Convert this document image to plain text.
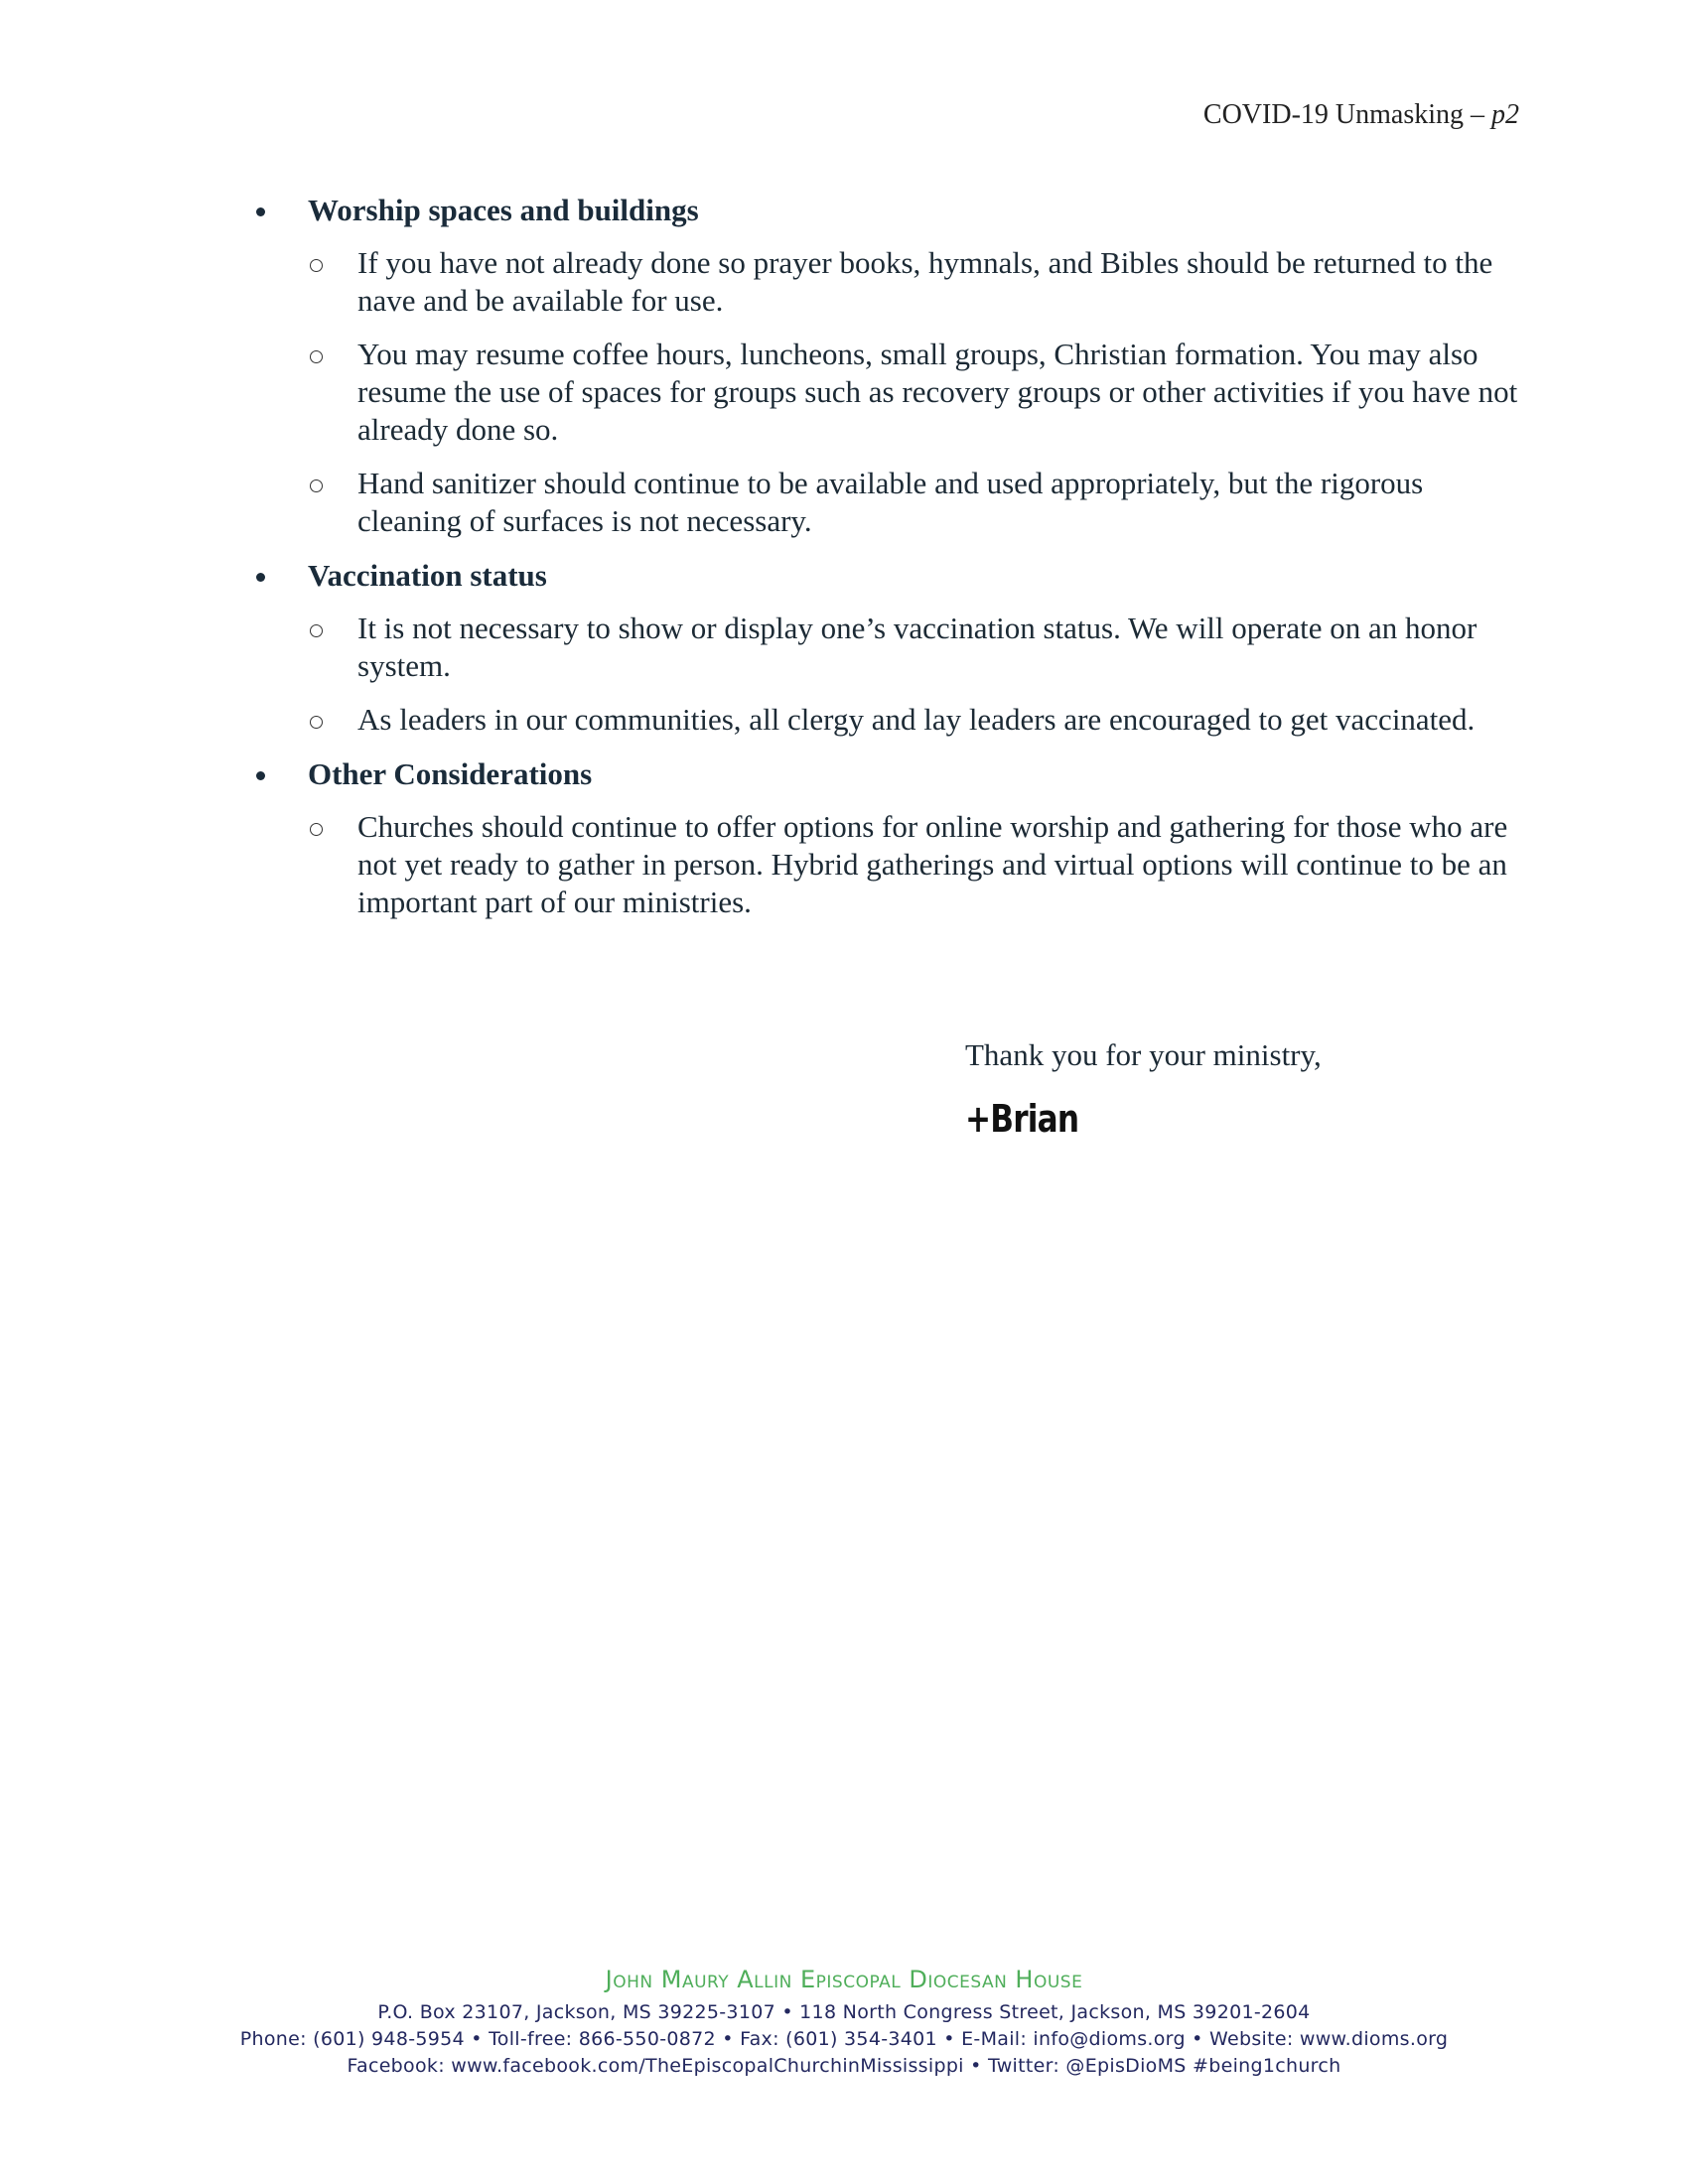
COVID-19 Unmasking – p2
Worship spaces and buildings
If you have not already done so prayer books, hymnals, and Bibles should be returned to the nave and be available for use.
You may resume coffee hours, luncheons, small groups, Christian formation. You may also resume the use of spaces for groups such as recovery groups or other activities if you have not already done so.
Hand sanitizer should continue to be available and used appropriately, but the rigorous cleaning of surfaces is not necessary.
Vaccination status
It is not necessary to show or display one’s vaccination status. We will operate on an honor system.
As leaders in our communities, all clergy and lay leaders are encouraged to get vaccinated.
Other Considerations
Churches should continue to offer options for online worship and gathering for those who are not yet ready to gather in person. Hybrid gatherings and virtual options will continue to be an important part of our ministries.
Thank you for your ministry,
+Brian
John Maury Allin Episcopal Diocesan House
P.O. Box 23107, Jackson, MS 39225-3107 • 118 North Congress Street, Jackson, MS 39201-2604
Phone: (601) 948-5954 • Toll-free: 866-550-0872 • Fax: (601) 354-3401 • E-Mail: info@dioms.org • Website: www.dioms.org
Facebook: www.facebook.com/TheEpiscopalChurchinMississippi • Twitter: @EpisDioMS #being1church
